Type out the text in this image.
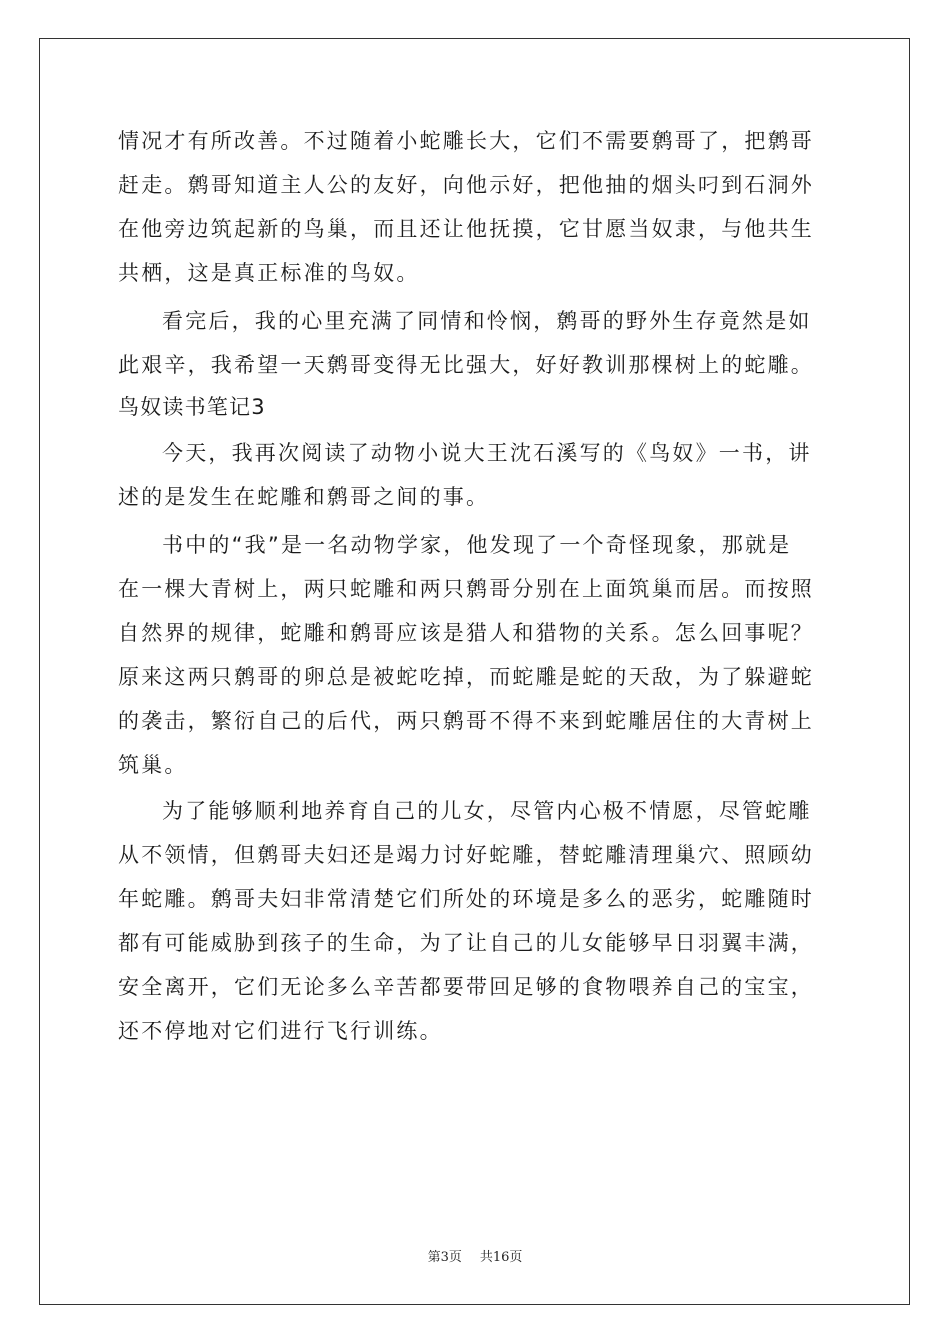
情况才有所改善。不过随着小蛇雕长大，它们不需要鹩哥了，把鹩哥
赶走。鹩哥知道主人公的友好，向他示好，把他抽的烟头叼到石洞外
在他旁边筑起新的鸟巢，而且还让他抚摸，它甘愿当奴隶，与他共生
共栖，这是真正标准的鸟奴。
看完后，我的心里充满了同情和怜悯，鹩哥的野外生存竟然是如
此艰辛，我希望一天鹩哥变得无比强大，好好教训那棵树上的蛇雕。
鸟奴读书笔记3
今天，我再次阅读了动物小说大王沈石溪写的《鸟奴》一书，讲
述的是发生在蛇雕和鹩哥之间的事。
书中的“我”是一名动物学家，他发现了一个奇怪现象，那就是
在一棵大青树上，两只蛇雕和两只鹩哥分别在上面筑巢而居。而按照
自然界的规律，蛇雕和鹩哥应该是猎人和猎物的关系。怎么回事呢？
原来这两只鹩哥的卵总是被蛇吃掉，而蛇雕是蛇的天敌，为了躲避蛇
的袭击，繁衍自己的后代，两只鹩哥不得不来到蛇雕居住的大青树上
筑巢。
为了能够顺利地养育自己的儿女，尽管内心极不情愿，尽管蛇雕
从不领情，但鹩哥夫妇还是竭力讨好蛇雕，替蛇雕清理巢穴、照顾幼
年蛇雕。鹩哥夫妇非常清楚它们所处的环境是多么的恶劣，蛇雕随时
都有可能威胁到孩子的生命，为了让自己的儿女能够早日羽翼丰满，
安全离开，它们无论多么辛苦都要带回足够的食物喂养自己的宝宝，
还不停地对它们进行飞行训练。
第3页 共16页
